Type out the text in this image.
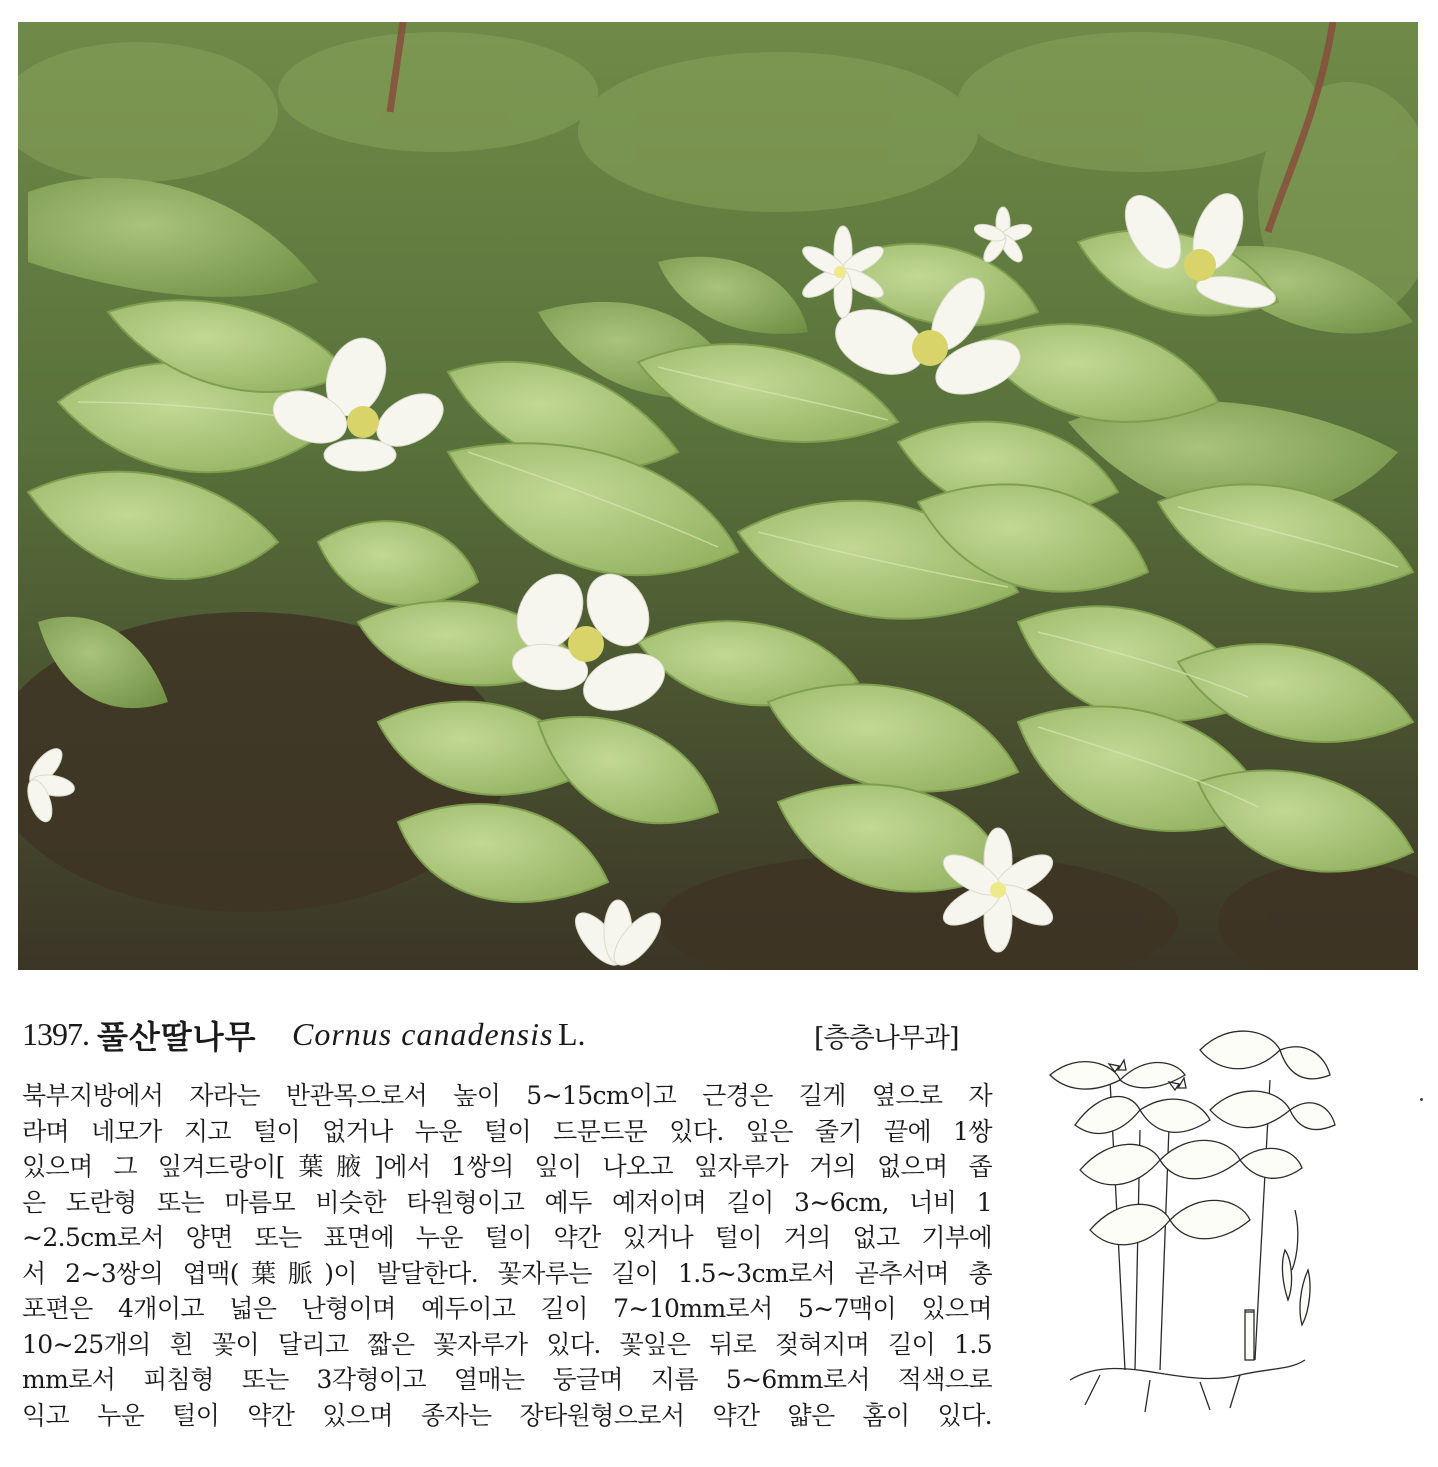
1397. 풀산딸나무 Cornus canadensis L.	[층층나무과]
북부지방에서 자라는 반관목으로서 높이 5∼15cm이고 근경은 길게 옆으로 자
라며 네모가 지고 털이 없거나 누운 털이 드문드문 있다. 잎은 줄기 끝에 1쌍
있으며 그 잎겨드랑이[葉腋]에서 1쌍의 잎이 나오고 잎자루가 거의 없으며 좁
은 도란형 또는 마름모 비슷한 타원형이고 예두 예저이며 길이 3∼6cm, 너비 1
∼2.5cm로서 양면 또는 표면에 누운 털이 약간 있거나 털이 거의 없고 기부에
서 2∼3쌍의 엽맥(葉脈)이 발달한다. 꽃자루는 길이 1.5∼3cm로서 곧추서며 총
포편은 4개이고 넓은 난형이며 예두이고 길이 7∼10mm로서 5∼7맥이 있으며
10∼25개의 흰 꽃이 달리고 짧은 꽃자루가 있다. 꽃잎은 뒤로 젖혀지며 길이 1.5
mm로서 피침형 또는 3각형이고 열매는 둥글며 지름 5∼6mm로서 적색으로
익고 누운 털이 약간 있으며 종자는 장타원형으로서 약간 얇은 홈이 있다.
